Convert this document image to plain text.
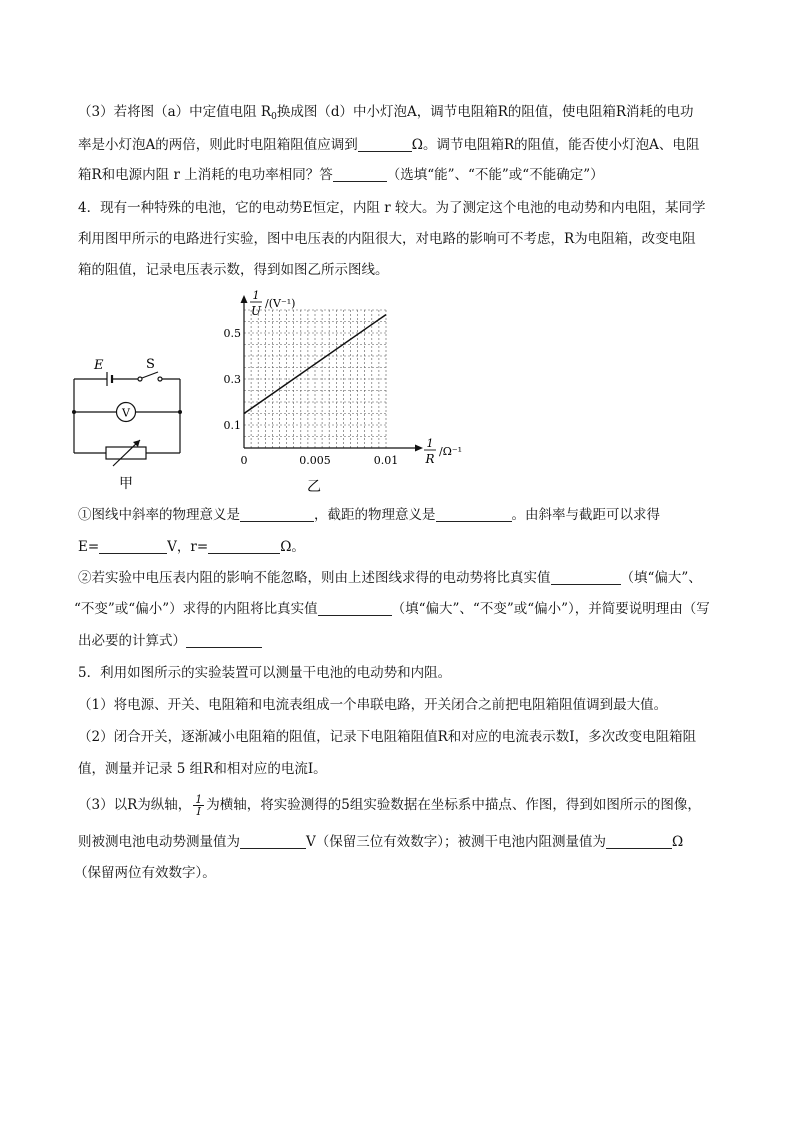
（3）若将图（a）中定值电阻 $R_0$换成图（d）中小灯泡A，调节电阻箱R的阻值，使电阻箱R消耗的电功
率是小灯泡A的两倍，则此时电阻箱阻值应调到	Ω。调节电阻箱R的阻值，能否使小灯泡A、电阻
箱R和电源内阻 r 上消耗的电功率相同？答	（选填“能”、“不能”或“不能确定”）
4．现有一种特殊的电池，它的电动势E恒定，内阻 r 较大。为了测定这个电池的电动势和内电阻，某同学
利用图甲所示的电路进行实验，图中电压表的内阻很大，对电路的影响可不考虑，R为电阻箱，改变电阻
箱的阻值，记录电压表示数，得到如图乙所示图线。
E	S
V
甲
0	0.005	0.01
0.1
0.3
0.5
1
U
/(V⁻¹)
1
R
/Ω⁻¹
乙
①图线中斜率的物理意义是	，截距的物理意义是	。由斜率与截距可以求得
E=	V，r=	Ω。
②若实验中电压表内阻的影响不能忽略，则由上述图线求得的电动势将比真实值	（填“偏大”、
“不变”或“偏小”）求得的内阻将比真实值	（填“偏大”、“不变”或“偏小”），并简要说明理由（写
出必要的计算式）
5．利用如图所示的实验装置可以测量干电池的电动势和内阻。
（1）将电源、开关、电阻箱和电流表组成一个串联电路，开关闭合之前把电阻箱阻值调到最大值。
（2）闭合开关，逐渐减小电阻箱的阻值，记录下电阻箱阻值R和对应的电流表示数I，多次改变电阻箱阻
值，测量并记录 5 组R和相对应的电流I。
（3）以R为纵轴， $\frac{1}{I}$ 为横轴，将实验测得的5组实验数据在坐标系中描点、作图，得到如图所示的图像，
则被测电池电动势测量值为	V（保留三位有效数字）；被测干电池内阻测量值为	Ω
（保留两位有效数字）。
